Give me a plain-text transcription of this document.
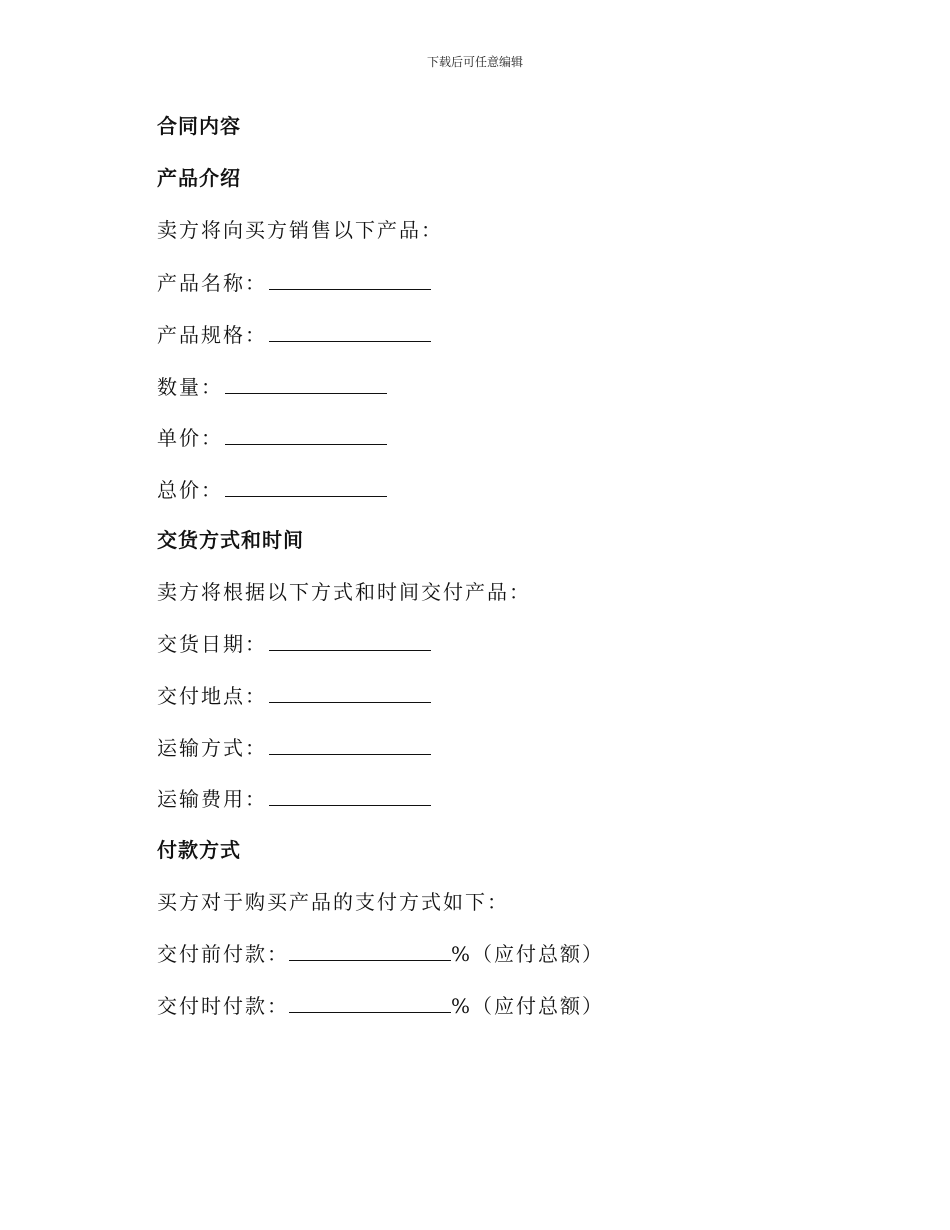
下载后可任意编辑
合同内容
产品介绍
卖方将向买方销售以下产品：
产品名称：
产品规格：
数量：
单价：
总价：
交货方式和时间
卖方将根据以下方式和时间交付产品：
交货日期：
交付地点：
运输方式：
运输费用：
付款方式
买方对于购买产品的支付方式如下：
交付前付款：	%（应付总额）
交付时付款：	%（应付总额）
